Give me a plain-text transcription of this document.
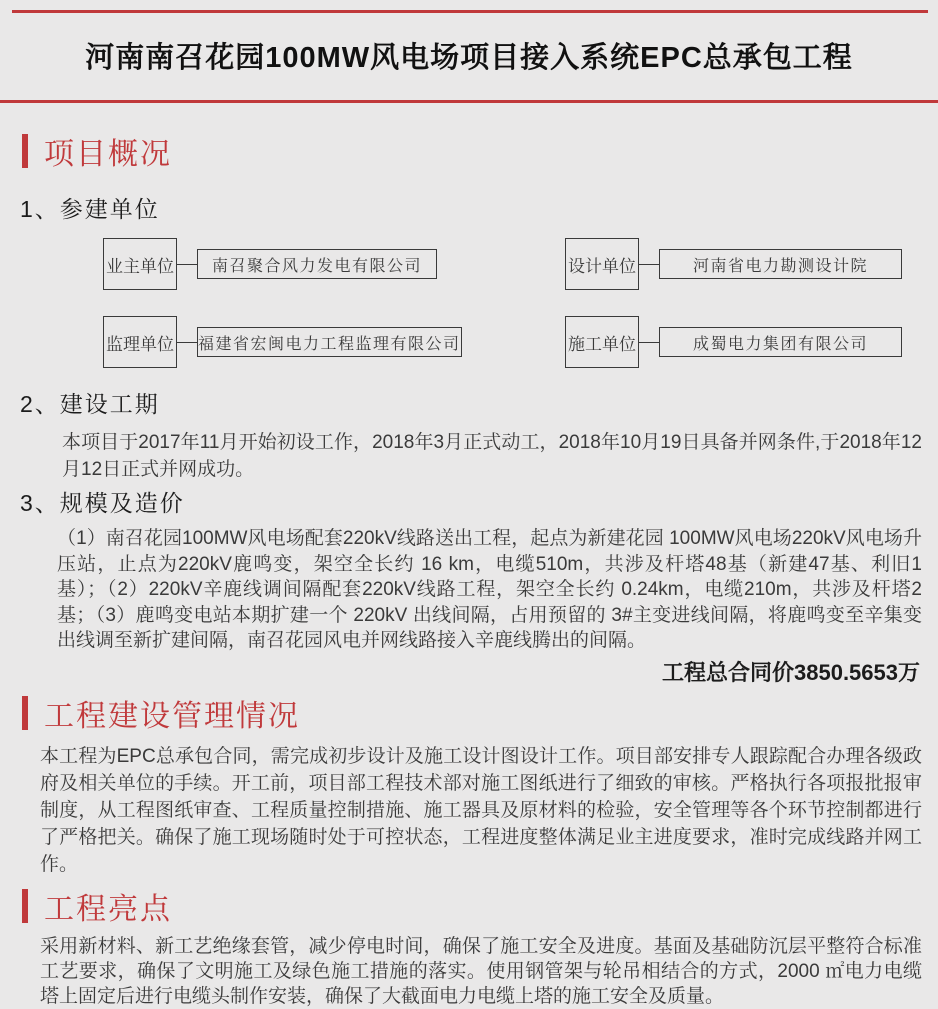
河南南召花园100MW风电场项目接入系统EPC总承包工程
项目概况
1、参建单位
业主单位	南召聚合风力发电有限公司	设计单位	河南省电力勘测设计院
监理单位 福建省宏闽电力工程监理有限公司	施工单位	成蜀电力集团有限公司
2、建设工期

本项目于2017年11月开始初设工作，2018年3月正式动工，2018年10月19日具备并网条件,于2018年12月12日正式并网成功。

3、规模及造价

（1）南召花园100MW风电场配套220kV线路送出工程，起点为新建花园 100MW风电场220kV风电场升压站，止点为220kV鹿鸣变，架空全长约 16 km，电缆510m，共涉及杆塔48基（新建47基、利旧1基）；（2）220kV辛鹿线调间隔配套220kV线路工程，架空全长约 0.24km，电缆210m，共涉及杆塔2基；（3）鹿鸣变电站本期扩建一个 220kV 出线间隔，占用预留的 3#主变进线间隔，将鹿鸣变至辛集变出线调至新扩建间隔，南召花园风电并网线路接入辛鹿线腾出的间隔。

工程总合同价3850.5653万
工程建设管理情况

本工程为EPC总承包合同，需完成初步设计及施工设计图设计工作。项目部安排专人跟踪配合办理各级政府及相关单位的手续。开工前，项目部工程技术部对施工图纸进行了细致的审核。严格执行各项报批报审制度，从工程图纸审查、工程质量控制措施、施工器具及原材料的检验，安全管理等各个环节控制都进行了严格把关。确保了施工现场随时处于可控状态，工程进度整体满足业主进度要求，准时完成线路并网工作。

工程亮点

采用新材料、新工艺绝缘套管，减少停电时间，确保了施工安全及进度。基面及基础防沉层平整符合标准工艺要求，确保了文明施工及绿色施工措施的落实。使用钢管架与轮吊相结合的方式，2000 ㎡电力电缆塔上固定后进行电缆头制作安装，确保了大截面电力电缆上塔的施工安全及质量。
